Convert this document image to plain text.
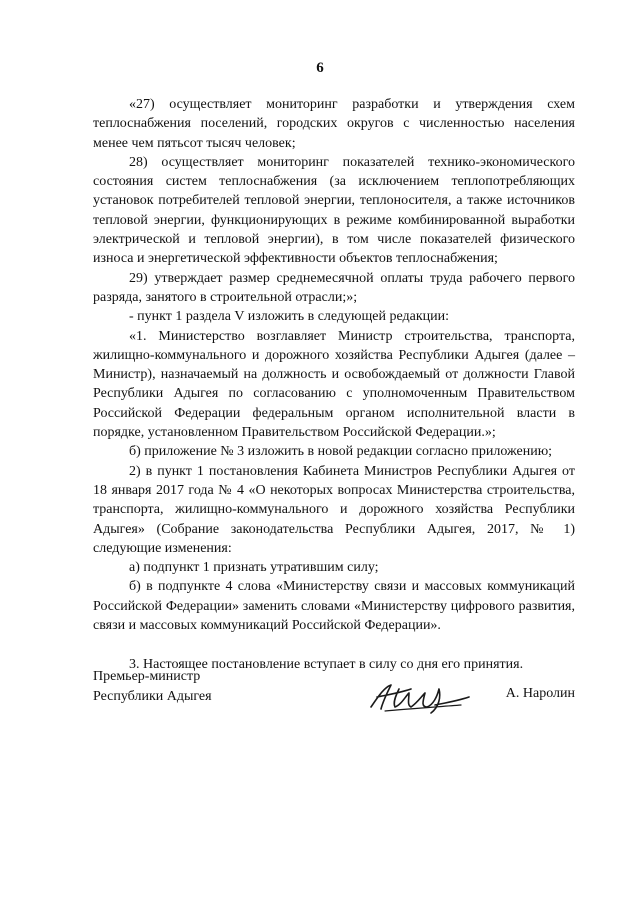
6

«27) осуществляет мониторинг разработки и утверждения схем теплоснабжения поселений, городских округов с численностью населения менее чем пятьсот тысяч человек;

28) осуществляет мониторинг показателей технико-экономического состояния систем теплоснабжения (за исключением теплопотребляющих установок потребителей тепловой энергии, теплоносителя, а также источников тепловой энергии, функционирующих в режиме комбинированной выработки электрической и тепловой энергии), в том числе показателей физического износа и энергетической эффективности объектов теплоснабжения;

29) утверждает размер среднемесячной оплаты труда рабочего первого разряда, занятого в строительной отрасли;»;

- пункт 1 раздела V изложить в следующей редакции:

«1. Министерство возглавляет Министр строительства, транспорта, жилищно-коммунального и дорожного хозяйства Республики Адыгея (далее – Министр), назначаемый на должность и освобождаемый от должности Главой Республики Адыгея по согласованию с уполномоченным Правительством Российской Федерации федеральным органом исполнительной власти в порядке, установленном Правительством Российской Федерации.»;

б) приложение № 3 изложить в новой редакции согласно приложению;

2) в пункт 1 постановления Кабинета Министров Республики Адыгея от 18 января 2017 года № 4 «О некоторых вопросах Министерства строительства, транспорта, жилищно-коммунального и дорожного хозяйства Республики Адыгея» (Собрание законодательства Республики Адыгея, 2017, № 1) следующие изменения:

а) подпункт 1 признать утратившим силу;

б) в подпункте 4 слова «Министерству связи и массовых коммуникаций Российской Федерации» заменить словами «Министерству цифрового развития, связи и массовых коммуникаций Российской Федерации».

3. Настоящее постановление вступает в силу со дня его принятия.

Премьер-министр
Республики Адыгея	А. Наролин
